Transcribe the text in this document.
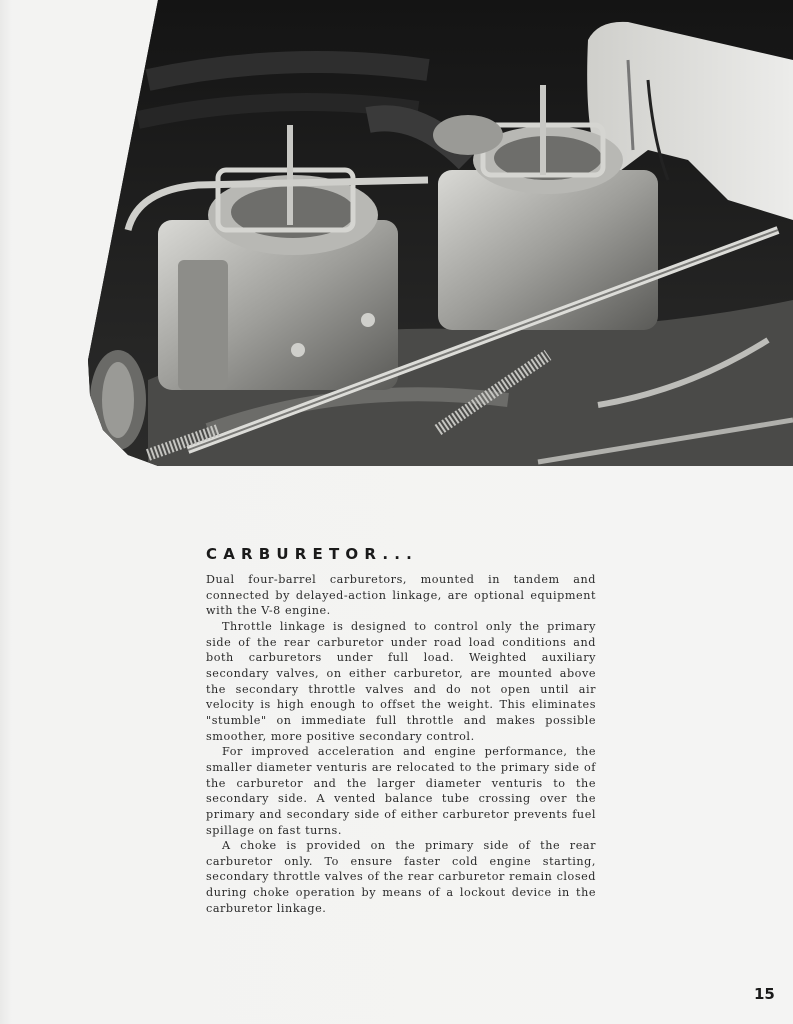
CARBURETOR...

Dual four-barrel carburetors, mounted in tandem and connected by delayed-action linkage, are optional equipment with the V-8 engine.

Throttle linkage is designed to control only the primary side of the rear carburetor under road load conditions and both carburetors under full load. Weighted auxiliary secondary valves, on either carburetor, are mounted above the secondary throttle valves and do not open until air velocity is high enough to offset the weight. This eliminates "stumble" on immediate full throttle and makes possible smoother, more positive secondary control.

For improved acceleration and engine performance, the smaller diameter venturis are relocated to the primary side of the carburetor and the larger diameter venturis to the secondary side. A vented balance tube crossing over the primary and secondary side of either carburetor prevents fuel spillage on fast turns.

A choke is provided on the primary side of the rear carburetor only. To ensure faster cold engine starting, secondary throttle valves of the rear carburetor remain closed during choke operation by means of a lockout device in the carburetor linkage.

15
